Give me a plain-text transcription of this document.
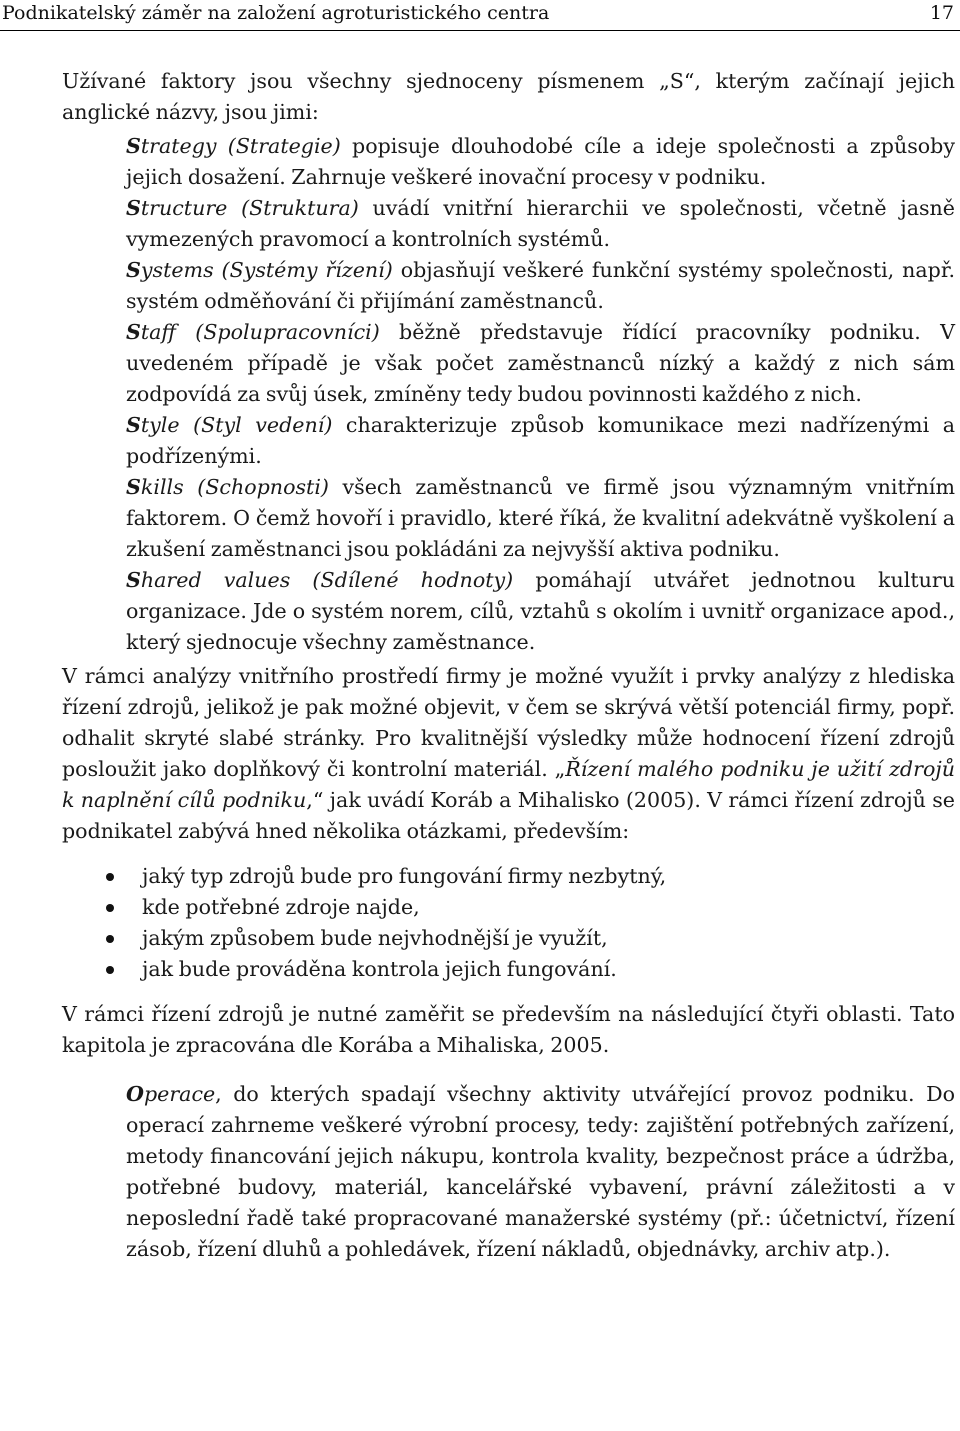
Podnikatelský záměr na založení agroturistického centra	17

Užívané faktory jsou všechny sjednoceny písmenem „S“, kterým začínají jejich anglické názvy, jsou jimi:

Strategy (Strategie) popisuje dlouhodobé cíle a ideje společnosti a způsoby jejich dosažení. Zahrnuje veškeré inovační procesy v podniku.

Structure (Struktura) uvádí vnitřní hierarchii ve společnosti, včetně jasně vymezených pravomocí a kontrolních systémů.

Systems (Systémy řízení) objasňují veškeré funkční systémy společnosti, např. systém odměňování či přijímání zaměstnanců.

Staff (Spolupracovníci) běžně představuje řídící pracovníky podniku. V uvedeném případě je však počet zaměstnanců nízký a každý z nich sám zodpovídá za svůj úsek, zmíněny tedy budou povinnosti každého z nich.

Style (Styl vedení) charakterizuje způsob komunikace mezi nadřízenými a podřízenými.

Skills (Schopnosti) všech zaměstnanců ve firmě jsou významným vnitřním faktorem. O čemž hovoří i pravidlo, které říká, že kvalitní adekvátně vyškolení a zkušení zaměstnanci jsou pokládáni za nejvyšší aktiva podniku.

Shared values (Sdílené hodnoty) pomáhají utvářet jednotnou kulturu organizace. Jde o systém norem, cílů, vztahů s okolím i uvnitř organizace apod., který sjednocuje všechny zaměstnance.

V rámci analýzy vnitřního prostředí firmy je možné využít i prvky analýzy z hlediska řízení zdrojů, jelikož je pak možné objevit, v čem se skrývá větší potenciál firmy, popř. odhalit skryté slabé stránky. Pro kvalitnější výsledky může hodnocení řízení zdrojů posloužit jako doplňkový či kontrolní materiál. „Řízení malého podniku je užití zdrojů k naplnění cílů podniku,“ jak uvádí Koráb a Mihalisko (2005). V rámci řízení zdrojů se podnikatel zabývá hned několika otázkami, především:

jaký typ zdrojů bude pro fungování firmy nezbytný,
kde potřebné zdroje najde,
jakým způsobem bude nejvhodnější je využít,
jak bude prováděna kontrola jejich fungování.

V rámci řízení zdrojů je nutné zaměřit se především na následující čtyři oblasti. Tato kapitola je zpracována dle Korába a Mihaliska, 2005.

Operace, do kterých spadají všechny aktivity utvářející provoz podniku. Do operací zahrneme veškeré výrobní procesy, tedy: zajištění potřebných zařízení, metody financování jejich nákupu, kontrola kvality, bezpečnost práce a údržba, potřebné budovy, materiál, kancelářské vybavení, právní záležitosti a v neposlední řadě také propracované manažerské systémy (př.: účetnictví, řízení zásob, řízení dluhů a pohledávek, řízení nákladů, objednávky, archiv atp.).
